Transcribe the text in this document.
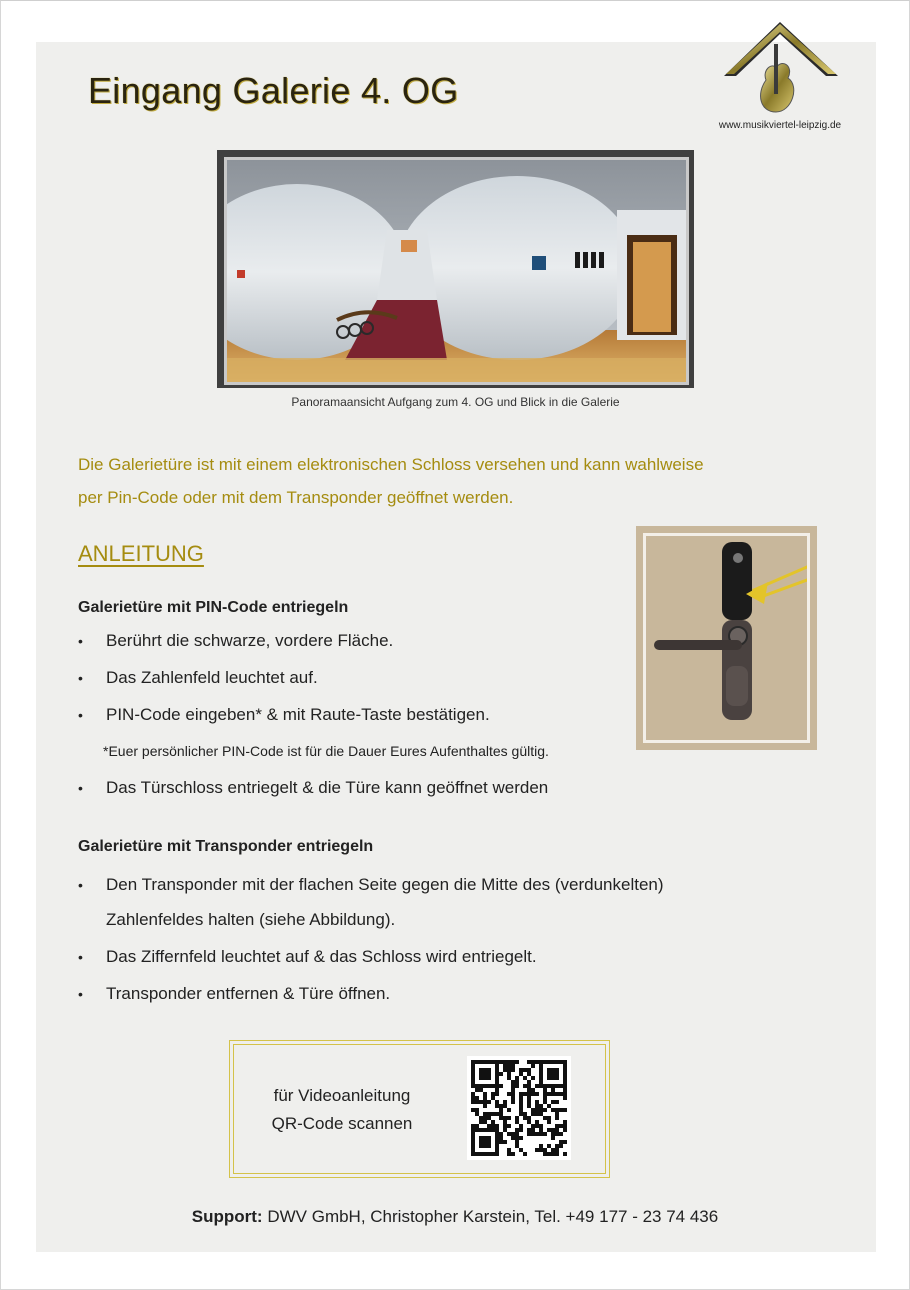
Eingang Galerie 4. OG
www.musikviertel-leipzig.de
Panoramaansicht Aufgang zum 4. OG und Blick in die Galerie
Die Galerietüre ist mit einem elektronischen Schloss versehen und kann wahlweise
per Pin-Code oder mit dem Transponder geöffnet werden.
ANLEITUNG
Galerietüre mit PIN-Code entriegeln
• Berührt die schwarze, vordere Fläche.
• Das Zahlenfeld leuchtet auf.
• PIN-Code eingeben* & mit Raute-Taste bestätigen.
*Euer persönlicher PIN-Code ist für die Dauer Eures Aufenthaltes gültig.
• Das Türschloss entriegelt & die Türe kann geöffnet werden
Galerietüre mit Transponder entriegeln
• Den Transponder mit der flachen Seite gegen die Mitte des (verdunkelten)
Zahlenfeldes halten (siehe Abbildung).
• Das Ziffernfeld leuchtet auf & das Schloss wird entriegelt.
• Transponder entfernen & Türe öffnen.
für Videoanleitung
QR-Code scannen
Support: DWV GmbH, Christopher Karstein, Tel. +49 177 - 23 74 436
